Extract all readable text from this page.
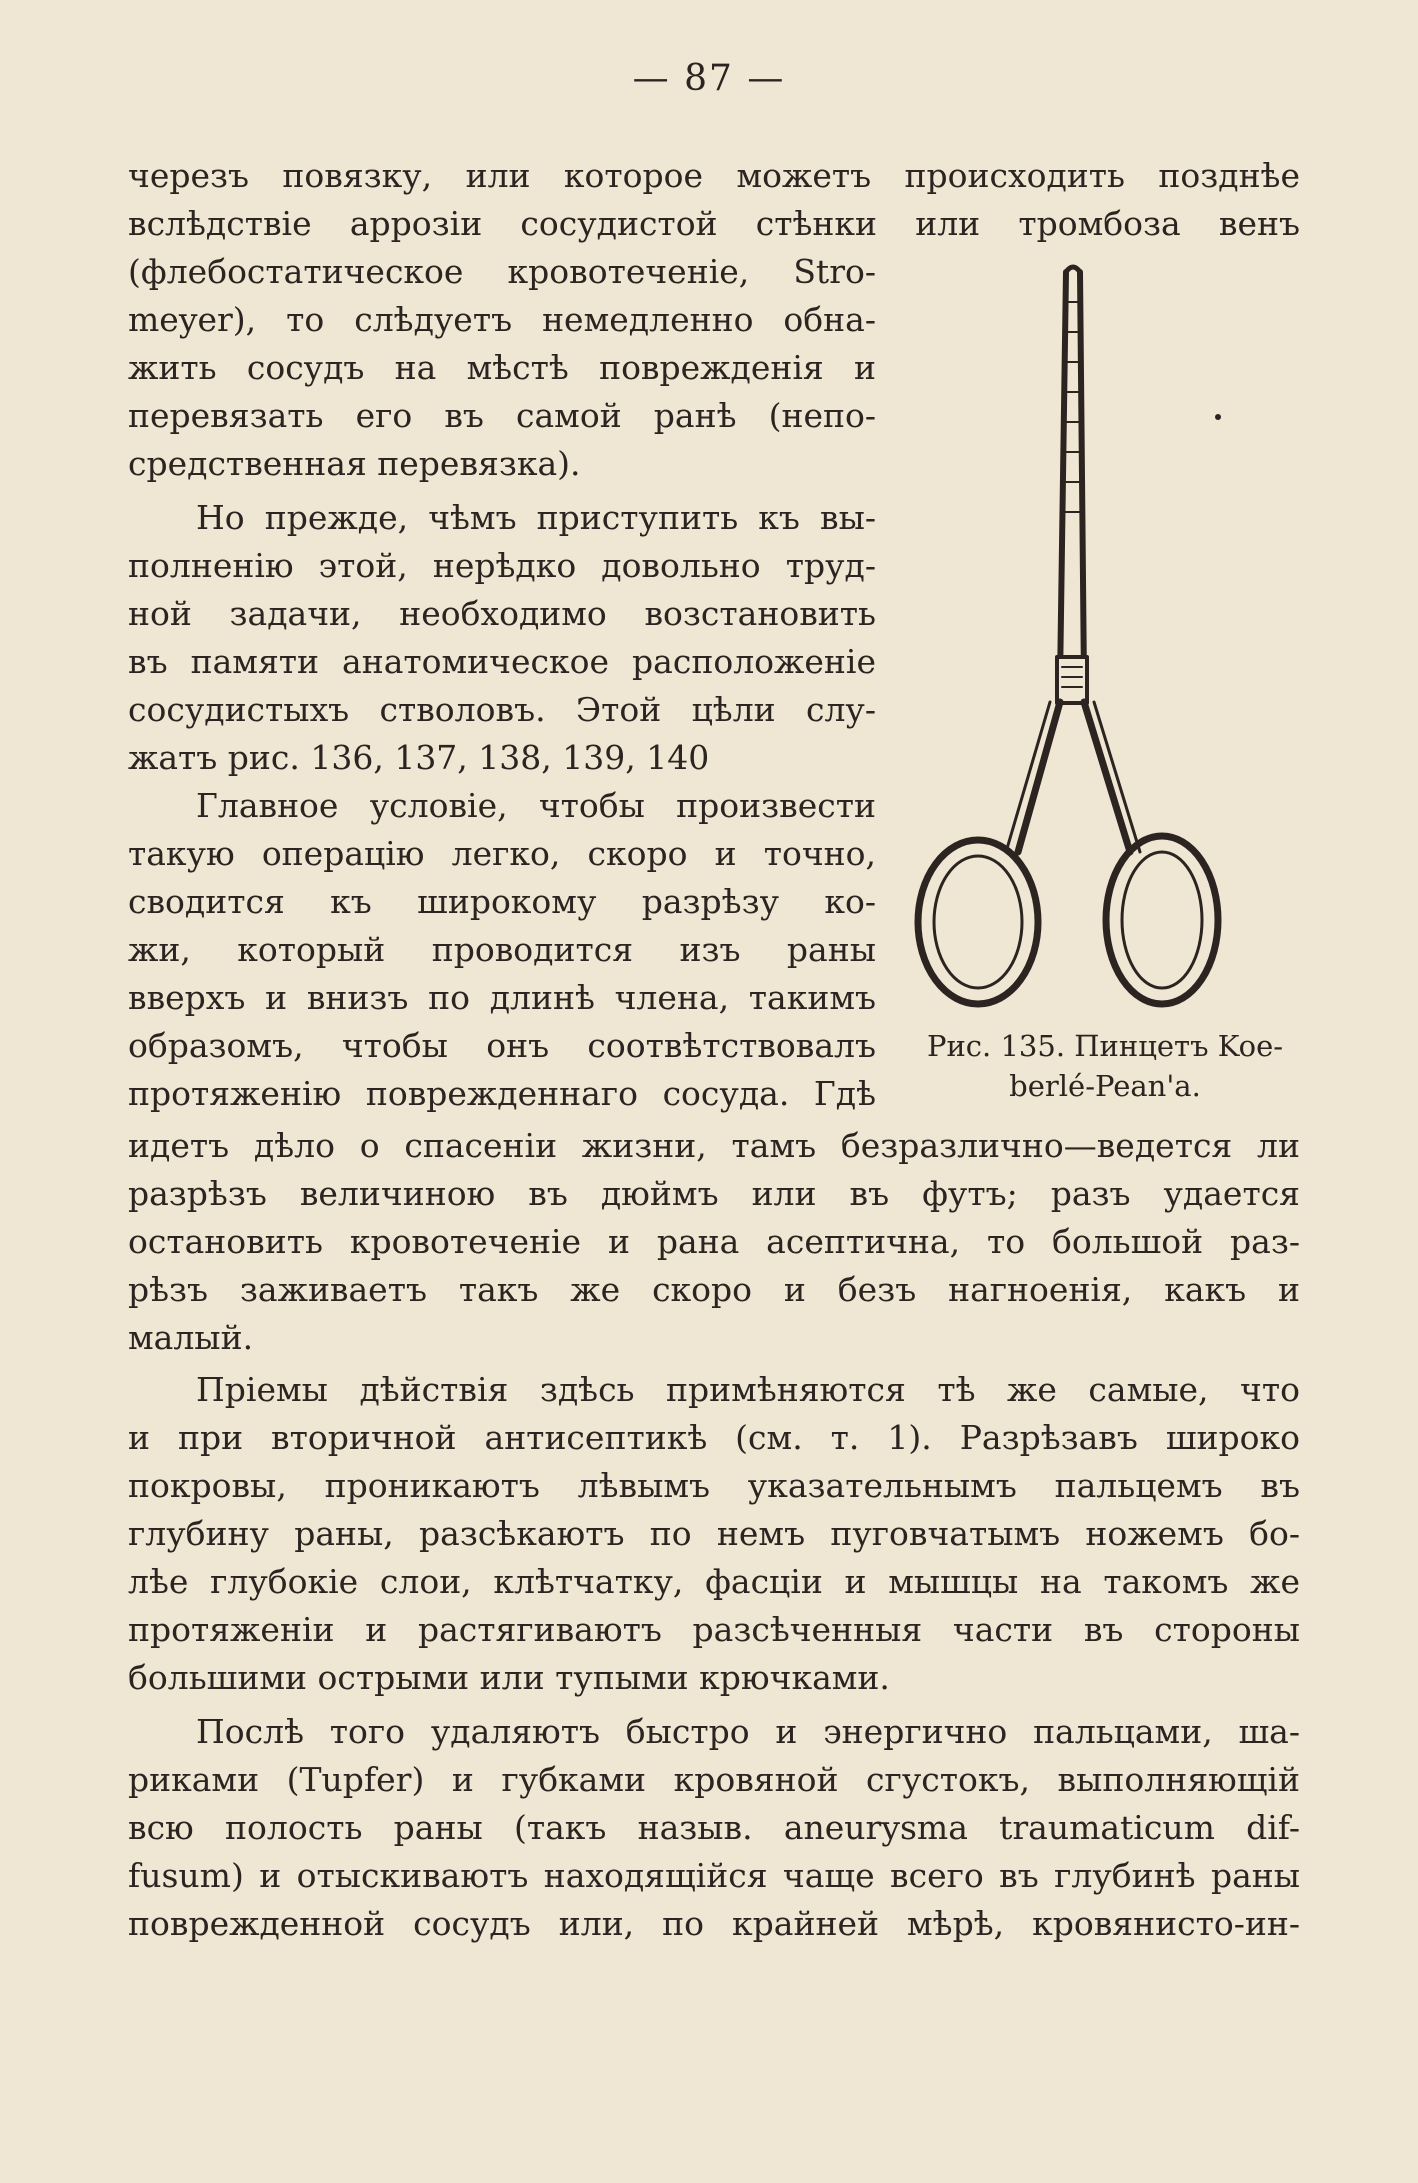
— 87 —
черезъ повязку, или которое можетъ происходить позднѣе
вслѣдствіе аррозіи сосудистой стѣнки или тромбоза венъ
(флебостатическое кровотеченіе, Stro-
meyer), то слѣдуетъ немедленно обна-
жить сосудъ на мѣстѣ поврежденія и
перевязать его въ самой ранѣ (непо-
средственная перевязка).
Но прежде, чѣмъ приступить къ вы-
полненію этой, нерѣдко довольно труд-
ной задачи, необходимо возстановить
въ памяти анатомическое расположеніе
сосудистыхъ стволовъ. Этой цѣли слу-
жатъ рис. 136, 137, 138, 139, 140
Главное условіе, чтобы произвести
такую операцію легко, скоро и точно,
сводится къ широкому разрѣзу ко-
жи, который проводится изъ раны
вверхъ и внизъ по длинѣ члена, такимъ
образомъ, чтобы онъ соотвѣтствовалъ
протяженію поврежденнаго сосуда. Гдѣ
идетъ дѣло о спасеніи жизни, тамъ безразлично—ведется ли
разрѣзъ величиною въ дюймъ или въ футъ; разъ удается
остановить кровотеченіе и рана асептична, то большой раз-
рѣзъ заживаетъ такъ же скоро и безъ нагноенія, какъ и
малый.
Пріемы дѣйствія здѣсь примѣняются тѣ же самые, что
и при вторичной антисептикѣ (см. т. 1). Разрѣзавъ широко
покровы, проникаютъ лѣвымъ указательнымъ пальцемъ въ
глубину раны, разсѣкаютъ по немъ пуговчатымъ ножемъ бо-
лѣе глубокіе слои, клѣтчатку, фасціи и мышцы на такомъ же
протяженіи и растягиваютъ разсѣченныя части въ стороны
большими острыми или тупыми крючками.
Послѣ того удаляютъ быстро и энергично пальцами, ша-
риками (Tupfer) и губками кровяной сгустокъ, выполняющій
всю полость раны (такъ назыв. aneurysma traumaticum dif-
fusum) и отыскиваютъ находящійся чаще всего въ глубинѣ раны
поврежденной сосудъ или, по крайней мѣрѣ, кровянисто-ин-
Рис. 135. Пинцетъ Koe-
berlé-Pean'a.
